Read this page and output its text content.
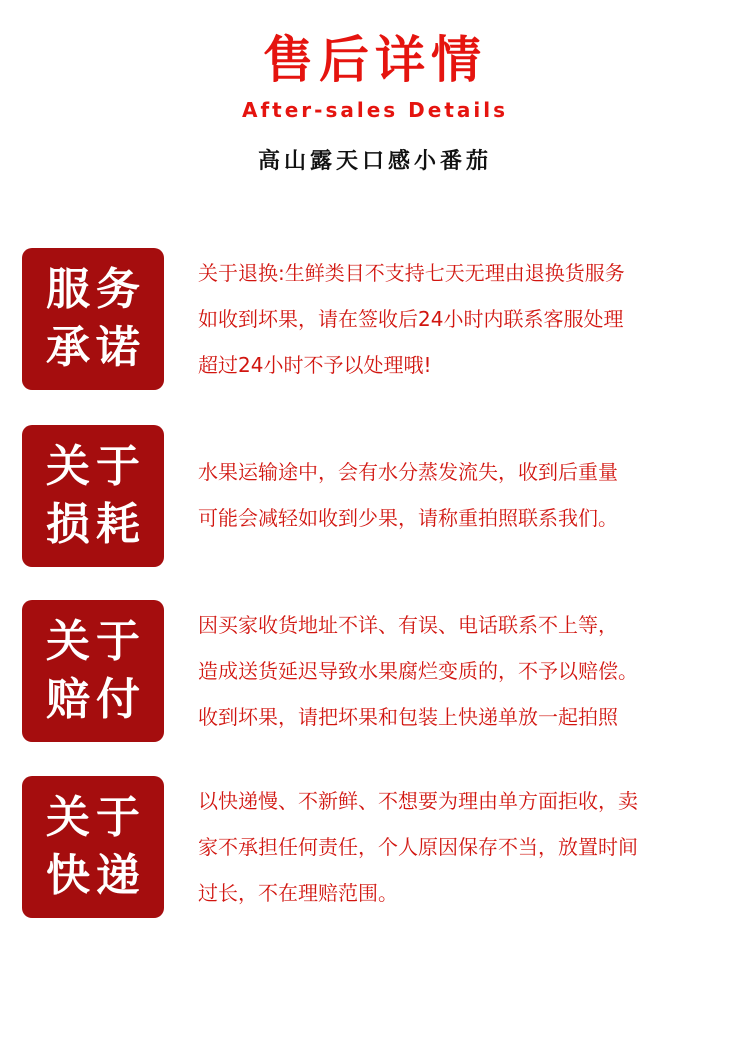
售后详情
After-sales Details
高山露天口感小番茄
服务
承诺
关于退换:生鲜类目不支持七天无理由退换货服务
如收到坏果，请在签收后24小时内联系客服处理
超过24小时不予以处理哦!
关于
损耗
水果运输途中，会有水分蒸发流失，收到后重量
可能会减轻如收到少果，请称重拍照联系我们。
关于
赔付
因买家收货地址不详、有误、电话联系不上等，
造成送货延迟导致水果腐烂变质的，不予以赔偿。
收到坏果，请把坏果和包装上快递单放一起拍照
关于
快递
以快递慢、不新鲜、不想要为理由单方面拒收，卖
家不承担任何责任，个人原因保存不当，放置时间
过长，不在理赔范围。
